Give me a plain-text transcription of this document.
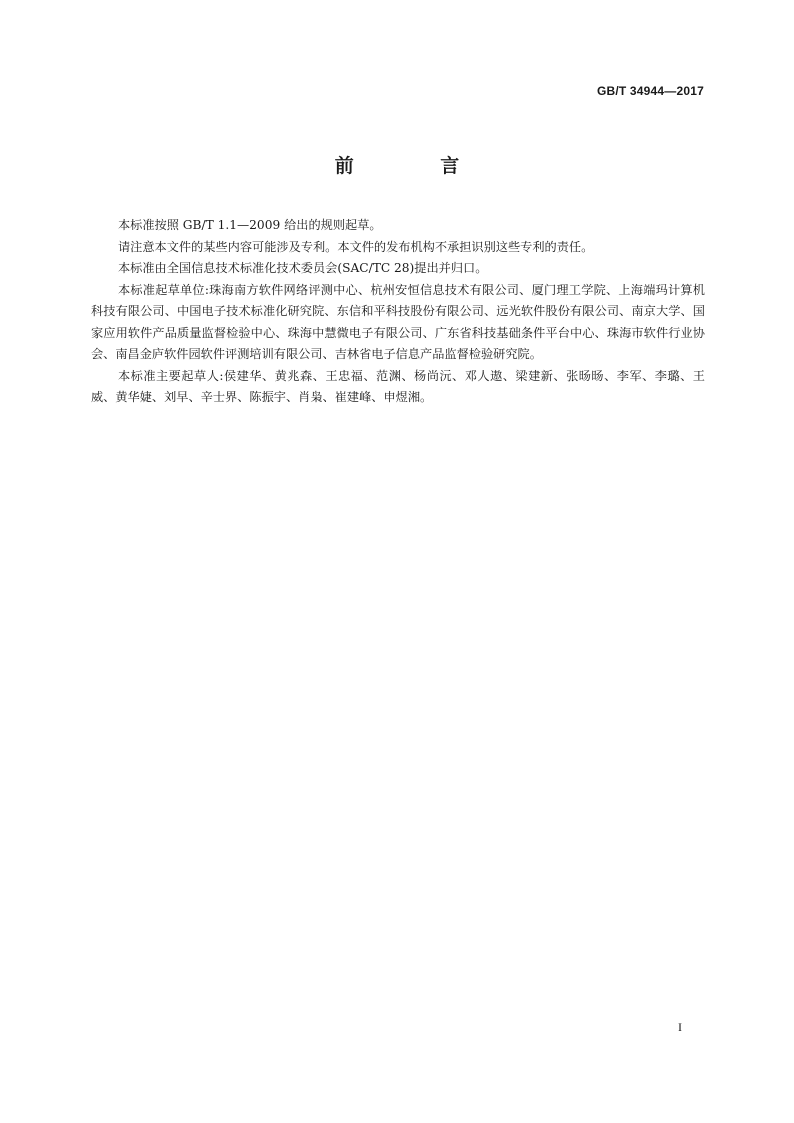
GB/T 34944—2017
前 言

本标准按照 GB/T 1.1—2009 给出的规则起草。

请注意本文件的某些内容可能涉及专利。本文件的发布机构不承担识别这些专利的责任。

本标准由全国信息技术标准化技术委员会(SAC/TC 28)提出并归口。

本标准起草单位:珠海南方软件网络评测中心、杭州安恒信息技术有限公司、厦门理工学院、上海端玛计算机科技有限公司、中国电子技术标准化研究院、东信和平科技股份有限公司、远光软件股份有限公司、南京大学、国家应用软件产品质量监督检验中心、珠海中慧微电子有限公司、广东省科技基础条件平台中心、珠海市软件行业协会、南昌金庐软件园软件评测培训有限公司、吉林省电子信息产品监督检验研究院。

本标准主要起草人:侯建华、黄兆森、王忠福、范渊、杨尚沅、邓人遨、梁建新、张旸旸、李军、李璐、王威、黄华婕、刘早、辛士界、陈振宇、肖枭、崔建峰、申煜湘。

I
